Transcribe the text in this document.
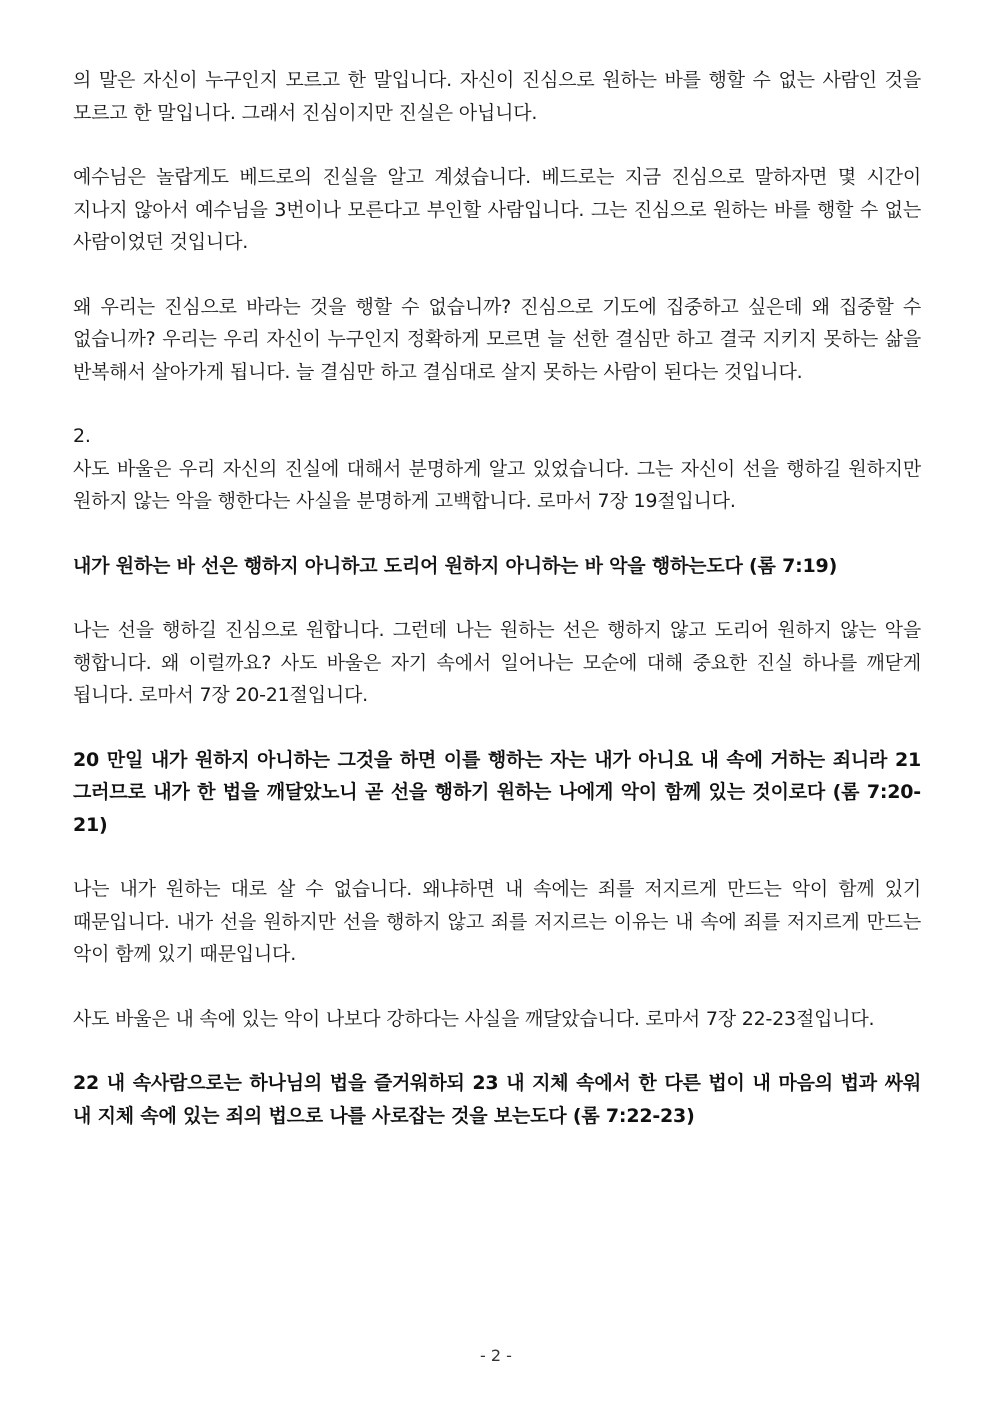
의 말은 자신이 누구인지 모르고 한 말입니다. 자신이 진심으로 원하는 바를 행할 수 없는 사람인 것을 모르고 한 말입니다. 그래서 진심이지만 진실은 아닙니다.

예수님은 놀랍게도 베드로의 진실을 알고 계셨습니다. 베드로는 지금 진심으로 말하자면 몇 시간이 지나지 않아서 예수님을 3번이나 모른다고 부인할 사람입니다. 그는 진심으로 원하는 바를 행할 수 없는 사람이었던 것입니다.

왜 우리는 진심으로 바라는 것을 행할 수 없습니까? 진심으로 기도에 집중하고 싶은데 왜 집중할 수 없습니까? 우리는 우리 자신이 누구인지 정확하게 모르면 늘 선한 결심만 하고 결국 지키지 못하는 삶을 반복해서 살아가게 됩니다. 늘 결심만 하고 결심대로 살지 못하는 사람이 된다는 것입니다.

2.

사도 바울은 우리 자신의 진실에 대해서 분명하게 알고 있었습니다. 그는 자신이 선을 행하길 원하지만 원하지 않는 악을 행한다는 사실을 분명하게 고백합니다. 로마서 7장 19절입니다.

내가 원하는 바 선은 행하지 아니하고 도리어 원하지 아니하는 바 악을 행하는도다 (롬 7:19)

나는 선을 행하길 진심으로 원합니다. 그런데 나는 원하는 선은 행하지 않고 도리어 원하지 않는 악을 행합니다. 왜 이럴까요? 사도 바울은 자기 속에서 일어나는 모순에 대해 중요한 진실 하나를 깨닫게 됩니다. 로마서 7장 20-21절입니다.

20 만일 내가 원하지 아니하는 그것을 하면 이를 행하는 자는 내가 아니요 내 속에 거하는 죄니라 21 그러므로 내가 한 법을 깨달았노니 곧 선을 행하기 원하는 나에게 악이 함께 있는 것이로다 (롬 7:20-21)

나는 내가 원하는 대로 살 수 없습니다. 왜냐하면 내 속에는 죄를 저지르게 만드는 악이 함께 있기 때문입니다. 내가 선을 원하지만 선을 행하지 않고 죄를 저지르는 이유는 내 속에 죄를 저지르게 만드는 악이 함께 있기 때문입니다.

사도 바울은 내 속에 있는 악이 나보다 강하다는 사실을 깨달았습니다. 로마서 7장 22-23절입니다.

22 내 속사람으로는 하나님의 법을 즐거워하되 23 내 지체 속에서 한 다른 법이 내 마음의 법과 싸워 내 지체 속에 있는 죄의 법으로 나를 사로잡는 것을 보는도다 (롬 7:22-23)

- 2 -
